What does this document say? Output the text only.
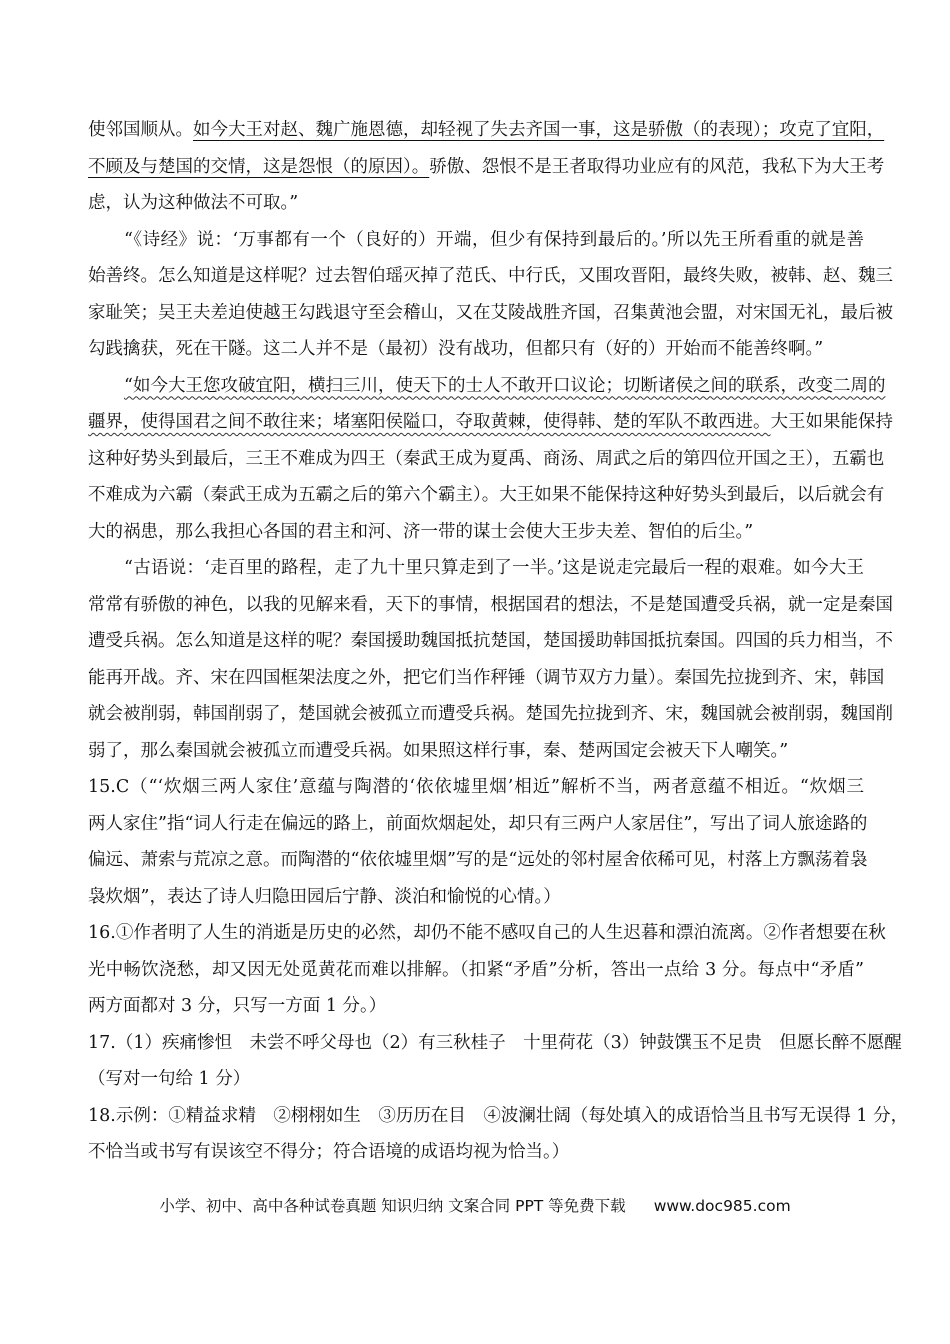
使邻国顺从。如今大王对赵、魏广施恩德，却轻视了失去齐国一事，这是骄傲（的表现）；攻克了宜阳，
不顾及与楚国的交情，这是怨恨（的原因）。骄傲、怨恨不是王者取得功业应有的风范，我私下为大王考
虑，认为这种做法不可取。”
“《诗经》说：‘万事都有一个（良好的）开端，但少有保持到最后的。’所以先王所看重的就是善
始善终。怎么知道是这样呢？过去智伯瑶灭掉了范氏、中行氏，又围攻晋阳，最终失败，被韩、赵、魏三
家耻笑；吴王夫差迫使越王勾践退守至会稽山，又在艾陵战胜齐国，召集黄池会盟，对宋国无礼，最后被
勾践擒获，死在干隧。这二人并不是（最初）没有战功，但都只有（好的）开始而不能善终啊。”
“如今大王您攻破宜阳，横扫三川，使天下的士人不敢开口议论；切断诸侯之间的联系，改变二周的
疆界，使得国君之间不敢往来；堵塞阳侯隘口，夺取黄棘，使得韩、楚的军队不敢西进。大王如果能保持
这种好势头到最后，三王不难成为四王（秦武王成为夏禹、商汤、周武之后的第四位开国之王），五霸也
不难成为六霸（秦武王成为五霸之后的第六个霸主）。大王如果不能保持这种好势头到最后，以后就会有
大的祸患，那么我担心各国的君主和河、济一带的谋士会使大王步夫差、智伯的后尘。”
“古语说：‘走百里的路程，走了九十里只算走到了一半。’这是说走完最后一程的艰难。如今大王
常常有骄傲的神色，以我的见解来看，天下的事情，根据国君的想法，不是楚国遭受兵祸，就一定是秦国
遭受兵祸。怎么知道是这样的呢？秦国援助魏国抵抗楚国，楚国援助韩国抵抗秦国。四国的兵力相当，不
能再开战。齐、宋在四国框架法度之外，把它们当作秤锤（调节双方力量）。秦国先拉拢到齐、宋，韩国
就会被削弱，韩国削弱了，楚国就会被孤立而遭受兵祸。楚国先拉拢到齐、宋，魏国就会被削弱，魏国削
弱了，那么秦国就会被孤立而遭受兵祸。如果照这样行事，秦、楚两国定会被天下人嘲笑。”
15.C（“‘炊烟三两人家住’意蕴与陶潜的‘依依墟里烟’相近”解析不当，两者意蕴不相近。“炊烟三
两人家住”指“词人行走在偏远的路上，前面炊烟起处，却只有三两户人家居住”，写出了词人旅途路的
偏远、萧索与荒凉之意。而陶潜的“依依墟里烟”写的是“远处的邻村屋舍依稀可见，村落上方飘荡着袅
袅炊烟”，表达了诗人归隐田园后宁静、淡泊和愉悦的心情。）
16.①作者明了人生的消逝是历史的必然，却仍不能不感叹自己的人生迟暮和漂泊流离。②作者想要在秋
光中畅饮浇愁，却又因无处觅黄花而难以排解。（扣紧“矛盾”分析，答出一点给 3 分。每点中“矛盾”
两方面都对 3 分，只写一方面 1 分。）
17.（1）疾痛惨怛　未尝不呼父母也（2）有三秋桂子　十里荷花（3）钟鼓馔玉不足贵　但愿长醉不愿醒
（写对一句给 1 分）
18.示例：①精益求精　②栩栩如生　③历历在目　④波澜壮阔（每处填入的成语恰当且书写无误得 1 分，
不恰当或书写有误该空不得分；符合语境的成语均视为恰当。）
小学、初中、高中各种试卷真题 知识归纳 文案合同 PPT 等免费下载 www.doc985.com
